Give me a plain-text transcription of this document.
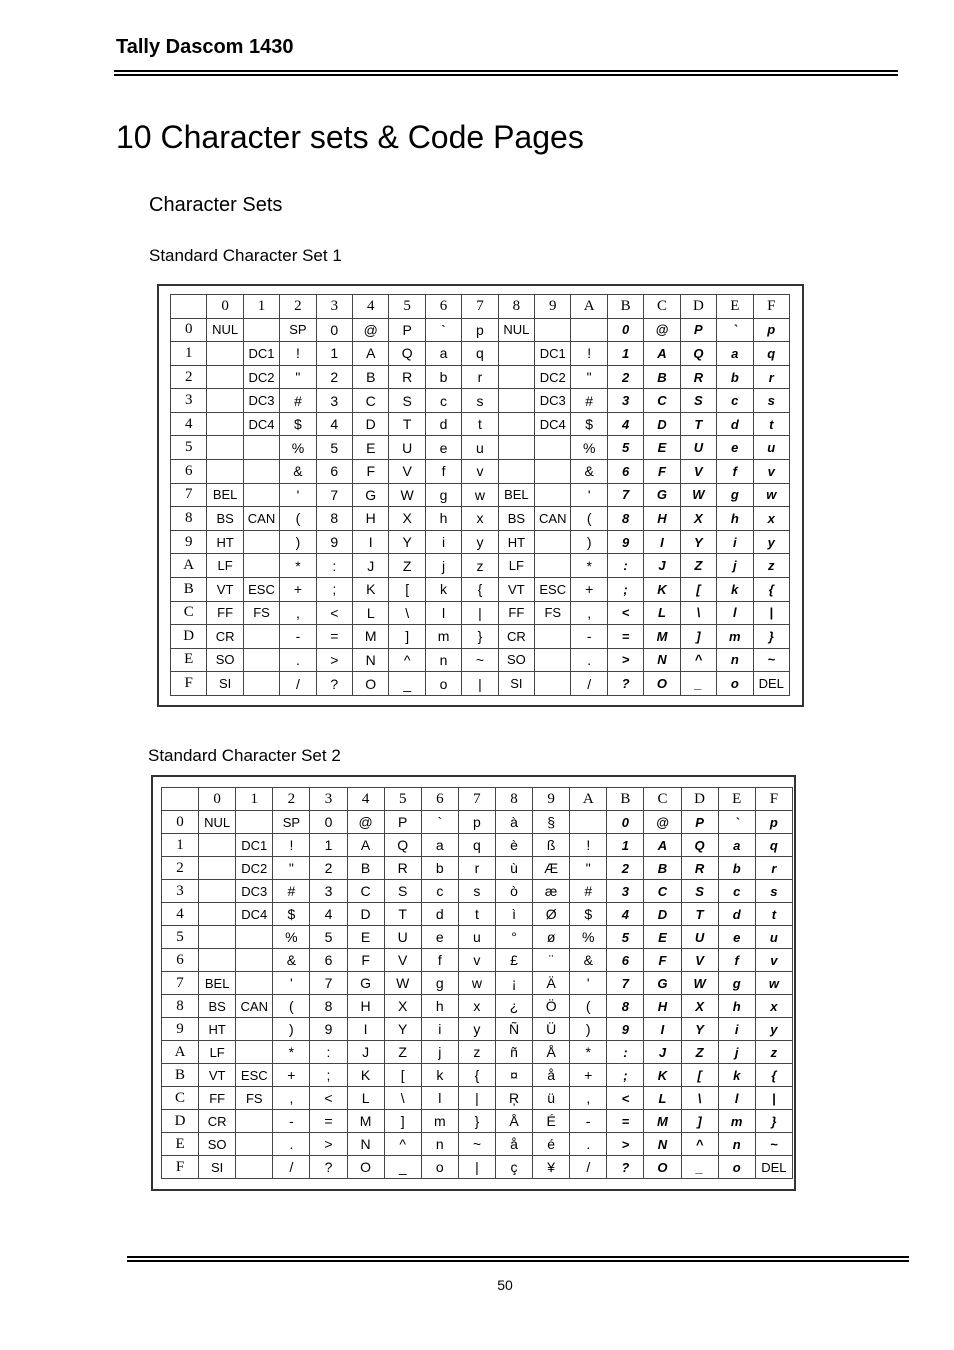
Tally Dascom 1430
10 Character sets & Code Pages
Character Sets
Standard Character Set 1
	0	1	2	3	4	5	6	7	8	9	A	B	C	D	E	F
0	NUL		SP	0	@	P	`	p	NUL			0	@	P	`	p
1		DC1	!	1	A	Q	a	q		DC1	!	1	A	Q	a	q
2		DC2	"	2	B	R	b	r		DC2	"	2	B	R	b	r
3		DC3	#	3	C	S	c	s		DC3	#	3	C	S	c	s
4		DC4	$	4	D	T	d	t		DC4	$	4	D	T	d	t
5			%	5	E	U	e	u			%	5	E	U	e	u
6			&	6	F	V	f	v			&	6	F	V	f	v
7	BEL		'	7	G	W	g	w	BEL		'	7	G	W	g	w
8	BS	CAN	(	8	H	X	h	x	BS	CAN	(	8	H	X	h	x
9	HT		)	9	I	Y	i	y	HT		)	9	I	Y	i	y
A	LF		*	:	J	Z	j	z	LF		*	:	J	Z	j	z
B	VT	ESC	+	;	K	[	k	{	VT	ESC	+	;	K	[	k	{
C	FF	FS	,	<	L	\	l	|	FF	FS	,	<	L	\	l	|
D	CR		-	=	M	]	m	}	CR		-	=	M	]	m	}
E	SO		.	>	N	^	n	~	SO		.	>	N	^	n	~
F	SI		/	?	O	_	o	|	SI		/	?	O	_	o	DEL
Standard Character Set 2
	0	1	2	3	4	5	6	7	8	9	A	B	C	D	E	F
0	NUL		SP	0	@	P	`	p	à	§		0	@	P	`	p
1		DC1	!	1	A	Q	a	q	è	ß	!	1	A	Q	a	q
2		DC2	"	2	B	R	b	r	ù	Æ	"	2	B	R	b	r
3		DC3	#	3	C	S	c	s	ò	æ	#	3	C	S	c	s
4		DC4	$	4	D	T	d	t	ì	Ø	$	4	D	T	d	t
5			%	5	E	U	e	u	°	ø	%	5	E	U	e	u
6			&	6	F	V	f	v	£	¨	&	6	F	V	f	v
7	BEL		'	7	G	W	g	w	¡	Ä	'	7	G	W	g	w
8	BS	CAN	(	8	H	X	h	x	¿	Ö	(	8	H	X	h	x
9	HT		)	9	I	Y	i	y	Ñ	Ü	)	9	I	Y	i	y
A	LF		*	:	J	Z	j	z	ñ	Å	*	:	J	Z	j	z
B	VT	ESC	+	;	K	[	k	{	¤	å	+	;	K	[	k	{
C	FF	FS	,	<	L	\	l	|	Ŗ	ü	,	<	L	\	l	|
D	CR		-	=	M	]	m	}	Å	É	-	=	M	]	m	}
E	SO		.	>	N	^	n	~	å	é	.	>	N	^	n	~
F	SI		/	?	O	_	o	|	ç	¥	/	?	O	_	o	DEL
50
